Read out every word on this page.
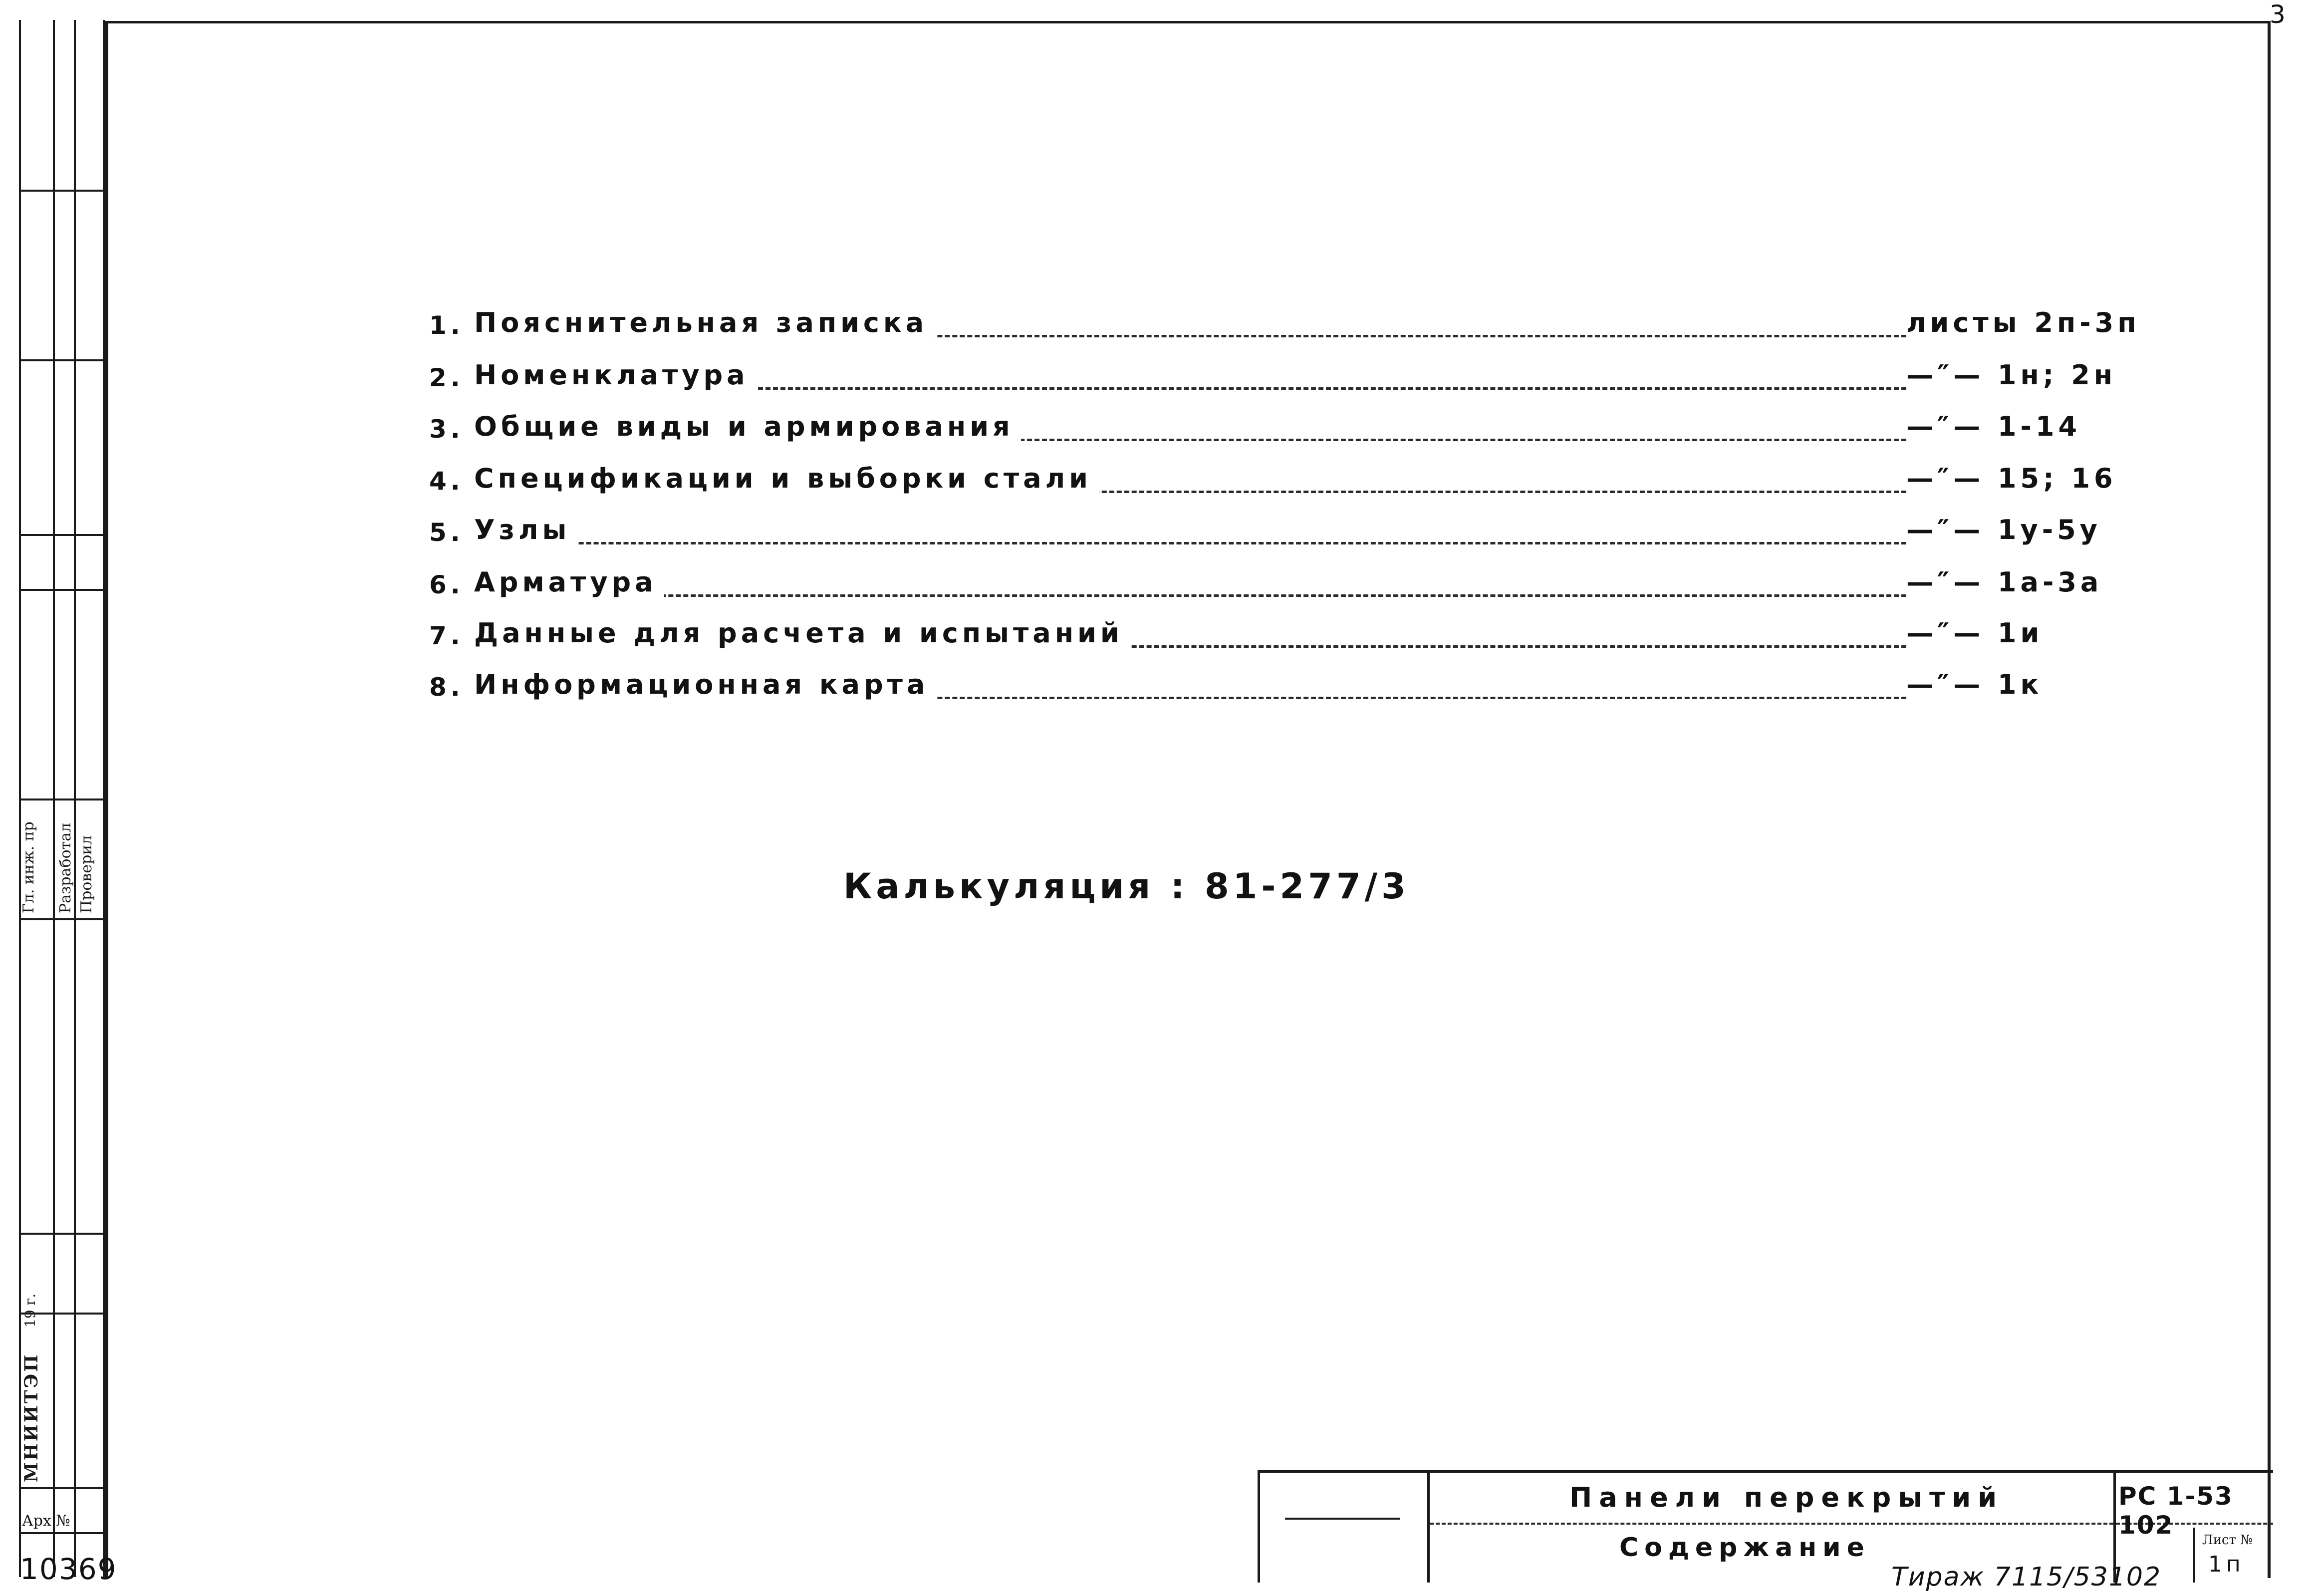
3
Гл. инж. пр Разработал Проверил
19 г.
МНИИТЭП
Арх №
10369
1. Пояснительная записка	листы 2п-3п
2. Номенклатура	—″— 1н; 2н
3. Общие виды и армирования	—″— 1-14
4. Спецификации и выборки стали	—″— 15; 16
5. Узлы	—″— 1у-5у
6. Арматура	—″— 1а-3а
7. Данные для расчета и испытаний	—″— 1и
8. Информационная карта	—″— 1к
Калькуляция : 81-277/3
Панели перекрытий
Содержание
РС 1-53 102
Лист №
1п
Тираж 7115/53102
